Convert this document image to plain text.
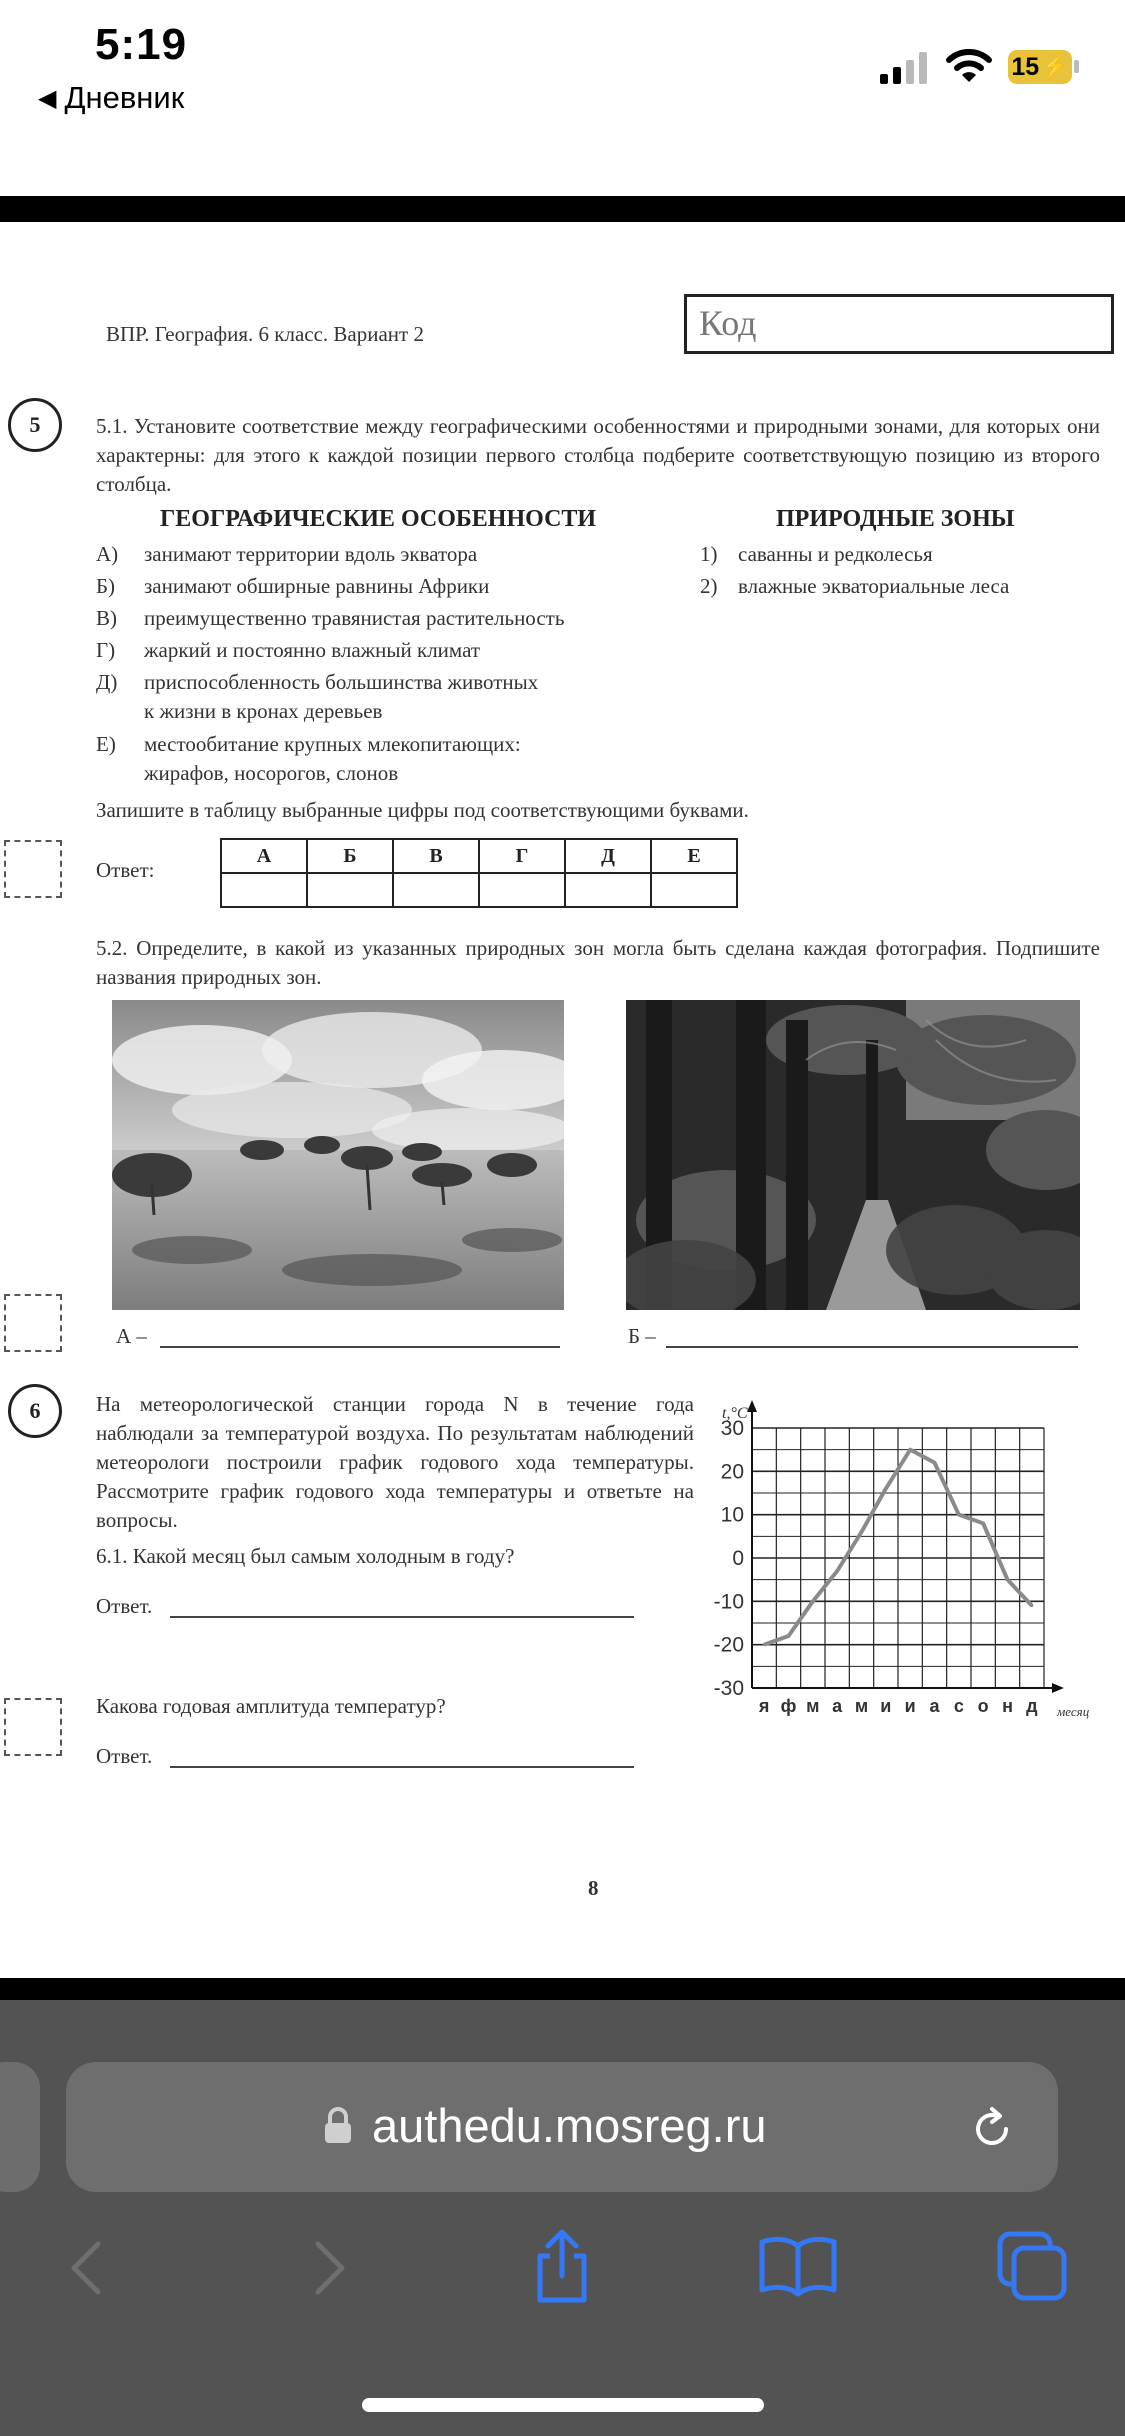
5:19
◀ Дневник
15 ⚡
ВПР. География. 6 класс. Вариант 2	Код
5	5.1. Установите соответствие между географическими особенностями и природными зонами, для которых они характерны: для этого к каждой позиции первого столбца подберите соответствующую позицию из второго столбца.
ГЕОГРАФИЧЕСКИЕ ОСОБЕННОСТИ	ПРИРОДНЫЕ ЗОНЫ
А) занимают территории вдоль экватора
Б) занимают обширные равнины Африки
В) преимущественно травянистая растительность
Г) жаркий и постоянно влажный климат
Д) приспособленность большинства животных
к жизни в кронах деревьев
Е) местообитание крупных млекопитающих:
жирафов, носорогов, слонов
1) саванны и редколесья
2) влажные экваториальные леса
Запишите в таблицу выбранные цифры под соответствующими буквами.
Ответ:
А	Б	В	Г	Д	Е

5.2. Определите, в какой из указанных природных зон могла быть сделана каждая фотография. Подпишите названия природных зон.
А –	Б –
6	На метеорологической станции города N в течение года наблюдали за температурой воздуха. По результатам наблюдений метеорологи построили график годового хода температуры. Рассмотрите график годового хода температуры и ответьте на вопросы.
6.1. Какой месяц был самым холодным в году?
Ответ.
Какова годовая амплитуда температур?
Ответ.
30
20
10
0
-10
-20
-30
я ф м а м и и а с о н д
t,°C
месяц
8
authedu.mosreg.ru
